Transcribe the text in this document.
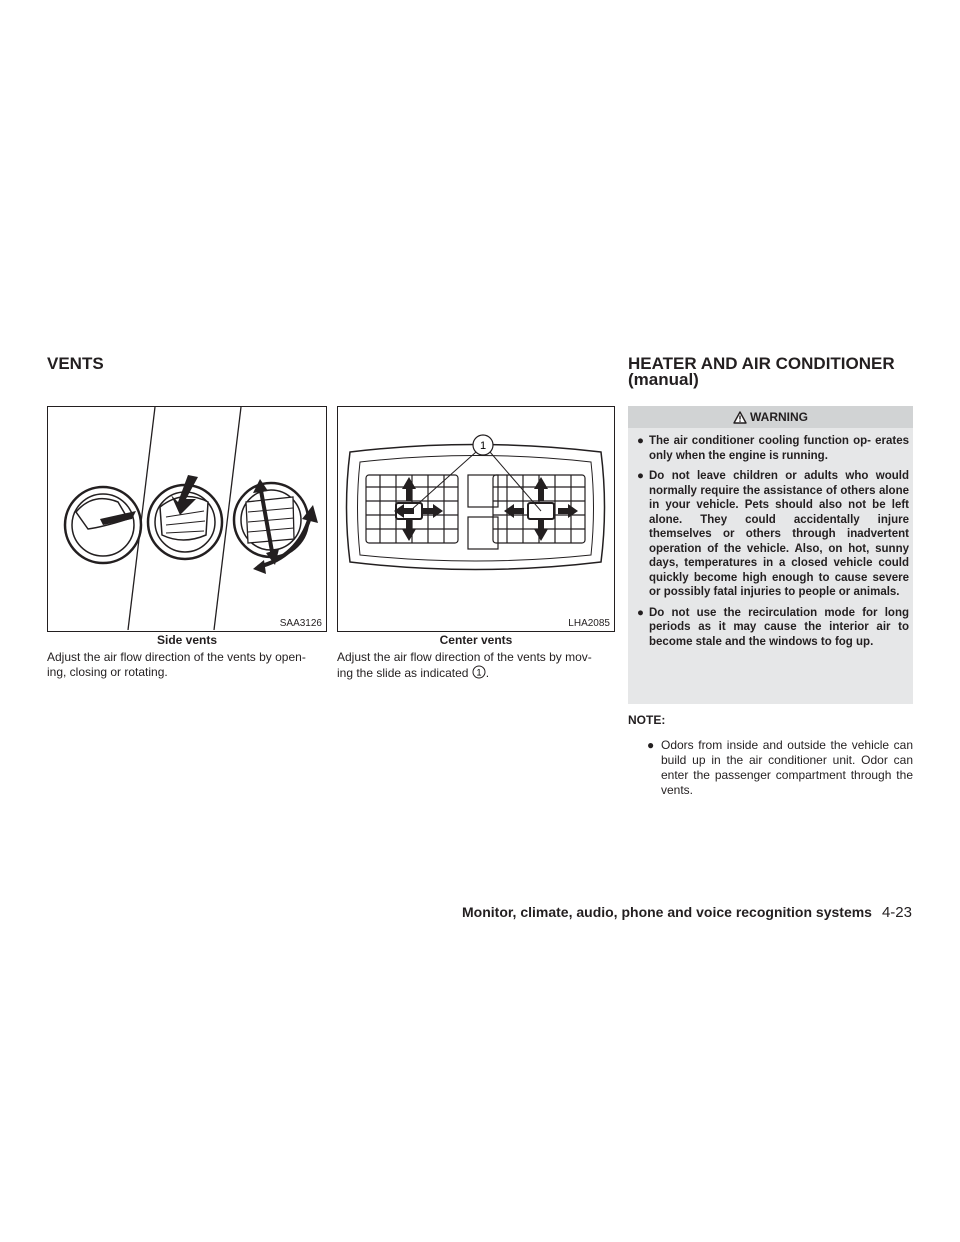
VENTS	HEATER AND AIR CONDITIONER
(manual)
SAA3126
Side vents
Adjust the air flow direction of the vents by open-
ing, closing or rotating.
1
LHA2085
Center vents
Adjust the air flow direction of the vents by mov-
ing the slide as indicated 1 .
WARNING
● The air conditioner cooling function op- erates only when the engine is running.
● Do not leave children or adults who would normally require the assistance of others alone in your vehicle. Pets should also not be left alone. They could accidentally injure themselves or others through inadvertent operation of the vehicle. Also, on hot, sunny days, temperatures in a closed vehicle could quickly become high enough to cause severe or possibly fatal injuries to people or animals.
● Do not use the recirculation mode for long periods as it may cause the interior air to become stale and the windows to fog up.
NOTE:
● Odors from inside and outside the vehicle can build up in the air conditioner unit. Odor can enter the passenger compartment through the vents.
Monitor, climate, audio, phone and voice recognition systems 4-23
